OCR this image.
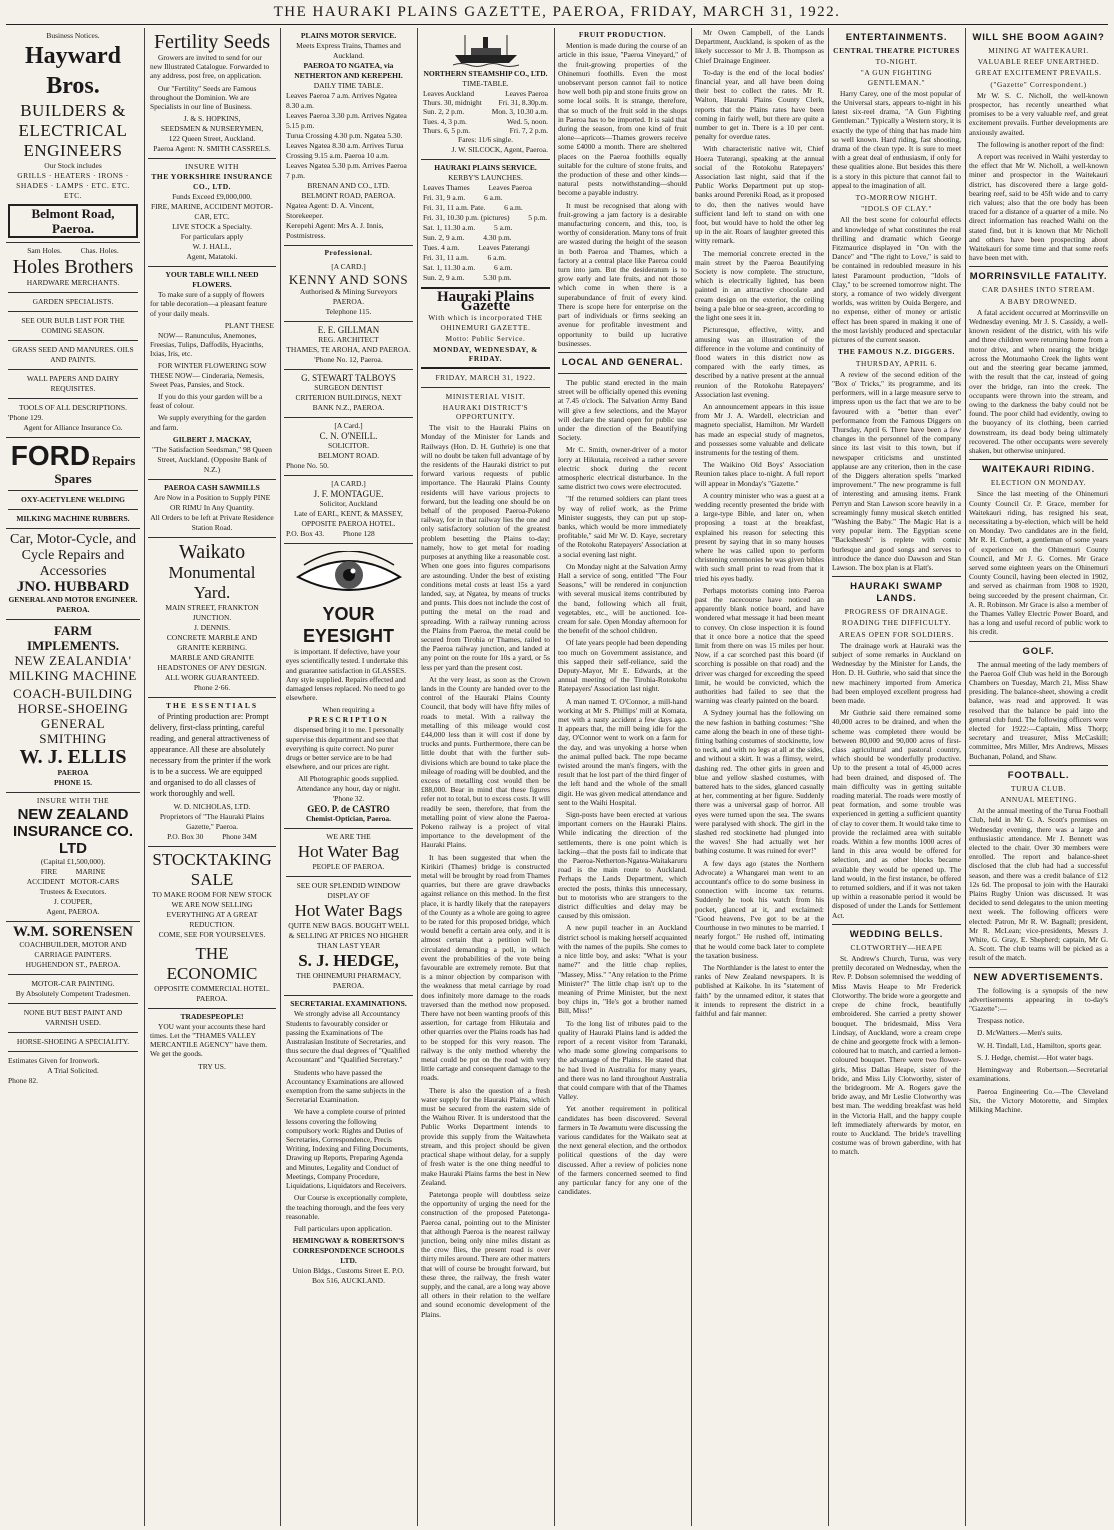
THE HAURAKI PLAINS GAZETTE, PAEROA, FRIDAY, MARCH 31, 1922.
Business Notices.
Hayward Bros.
BUILDERS &
ELECTRICAL
ENGINEERS
Our Stock includes
GRILLS · HEATERS · IRONS · SHADES · LAMPS · ETC. ETC. ETC.
Belmont Road, Paeroa.
Sam Holes.          Chas. Holes.
Holes Brothers
HARDWARE MERCHANTS.
GARDEN SPECIALISTS.
SEE OUR BULB LIST FOR THE COMING SEASON.
GRASS SEED AND MANURES. OILS AND PAINTS.
WALL PAPERS AND DAIRY REQUISITES.
TOOLS OF ALL DESCRIPTIONS.
'Phone 129.
Agent for Alliance Insurance Co.
FORD Repairs Spares
OXY-ACETYLENE WELDING
MILKING MACHINE RUBBERS.
Car, Motor-Cycle, and Cycle Repairs and Accessories
JNO. HUBBARD
GENERAL AND MOTOR ENGINEER.
PAEROA.
FARM IMPLEMENTS.
NEW ZEALANDIA' MILKING MACHINE
COACH-BUILDING HORSE-SHOEING GENERAL SMITHING
W. J. ELLIS
PAEROA
PHONE 15.
INSURE WITH THE
NEW ZEALAND INSURANCE CO. LTD
(Capital £1,500,000).
FIRE          MARINE
ACCIDENT   MOTOR-CARS
Trustees & Executors.
J. COUPER,
Agent, PAEROA.
W.M. SORENSEN
COACHBUILDER, MOTOR AND CARRIAGE PAINTERS.
HUGHENDON ST., PAEROA.
MOTOR-CAR PAINTING.
By Absolutely Competent Tradesmen.
NONE BUT BEST PAINT AND VARNISH USED.
HORSE-SHOEING A SPECIALITY.
Estimates Given for Ironwork.
A Trial Solicited.
Phone 82.
Fertility Seeds

Growers are invited to send for our new Illustrated Catalogue. Forwarded to any address, post free, on application.

Our "Fertility" Seeds are Famous throughout the Dominion. We are Specialists in our line of Business.

J. & S. HOPKINS,
SEEDSMEN & NURSERYMEN,
122 Queen Street, Auckland.
Paeroa Agent: N. SMITH CASSRELS.
INSURE WITH
THE YORKSHIRE INSURANCE CO., LTD.
Funds Exceed £9,000,000.
FIRE, MARINE, ACCIDENT MOTOR-CAR, ETC.
LIVE STOCK a Specialty.
For particulars apply
W. J. HALL,
Agent, Matatoki.
YOUR TABLE WILL NEED FLOWERS.

To make sure of a supply of flowers for table decoration—a pleasant feature of your daily meals.

PLANT THESE

NOW— Ranunculus, Anemones, Freesias, Tulips, Daffodils, Hyacinths, Ixias, Iris, etc.

FOR WINTER FLOWERING SOW THESE NOW— Cinderaria, Nemesis, Sweet Peas, Pansies, and Stock.

If you do this your garden will be a feast of colour.

We supply everything for the garden and farm.

GILBERT J. MACKAY,
"The Satisfaction Seedsman," 98 Queen Street, Auckland. (Opposite Bank of N.Z.)
PAEROA CASH SAWMILLS
Are Now in a Position to Supply PINE OR RIMU In Any Quantity.
All Orders to be left at Private Residence Station Road.
Waikato
Monumental Yard.
MAIN STREET, FRANKTON JUNCTION.
J. DENNIS.
CONCRETE MARBLE AND GRANITE KERBING.
MARBLE AND GRANITE HEADSTONES OF ANY DESIGN.
ALL WORK GUARANTEED.
Phone 2·66.
THE ESSENTIALS

of Printing production are: Prompt delivery, first-class printing, careful reading, and general attractiveness of appearance. All these are absolutely necessary from the printer if the work is to be a success. We are equipped and organised to do all classes of work thoroughly and well.

W. D. NICHOLAS, LTD.
Proprietors of "The Hauraki Plains Gazette," Paeroa.
P.O. Box 30          Phone 34M
STOCKTAKING
SALE
TO MAKE ROOM FOR NEW STOCK WE ARE NOW SELLING EVERYTHING AT A GREAT REDUCTION.
COME, SEE FOR YOURSELVES.
THE ECONOMIC
OPPOSITE COMMERCIAL HOTEL. PAEROA.
TRADESPEOPLE!

YOU want your accounts these hard times. Let the "THAMES VALLEY MERCANTILE AGENCY" have them. We get the goods.

TRY US.
PLAINS MOTOR SERVICE.
Meets Express Trains, Thames and Auckland.
PAEROA TO NGATEA, via NETHERTON AND KEREPEHI.
DAILY TIME TABLE.
Leaves Paeroa 7 a.m. Arrives Ngatea 8.30 a.m.
Leaves Paeroa 3.30 p.m. Arrives Ngatea 5.15 p.m.
Turua Crossing 4.30 p.m. Ngatea 5.30.
Leaves Ngatea 8.30 a.m. Arrives Turua Crossing 9.15 a.m. Paeroa 10 a.m.
Leaves Ngatea 5.30 p.m. Arrives Paeroa 7 p.m.
BRENAN AND CO., LTD.
BELMONT ROAD, PAEROA.
Ngatea Agent: D. A. Vincent, Storekeeper.
Kerepehi Agent: Mrs A. J. Innis, Postmistress.
Professional.
[A CARD.]
KENNY AND SONS
Authorised & Mining Surveyors PAEROA.
Telephone 115.
E. E. GILLMAN
REG. ARCHITECT
THAMES, TE AROHA, AND PAEROA.
'Phone No. 12, Paeroa.
G. STEWART TALBOYS
SURGEON DENTIST
CRITERION BUILDINGS, NEXT BANK N.Z., PAEROA.
[A Card.]
C. N. O'NEILL.
SOLICITOR.
BELMONT ROAD.
Phone No. 50.
[A CARD.]
J. F. MONTAGUE.
Solicitor, Auckland
Late of EARL, KENT, & MASSEY,
OPPOSITE PAEROA HOTEL.
P.O. Box 43.          Phone 128
YOUR EYESIGHT

is important. If defective, have your eyes scientifically tested. I undertake this and guarantee satisfaction in GLASSES. Any style supplied. Repairs effected and damaged lenses replaced. No need to go elsewhere.

When requiring a
PRESCRIPTION

dispensed bring it to me. I personally supervise this department and see that everything is quite correct. No purer drugs or better service are to be had elsewhere, and our prices are right.

All Photographic goods supplied.
Attendance any hour, day or night.
'Phone 32.
GEO. P. de CASTRO
Chemist-Optician, Paeroa.
WE ARE THE
Hot Water Bag
PEOPLE OF PAEROA.
SEE OUR SPLENDID WINDOW DISPLAY OF
Hot Water Bags
QUITE NEW BAGS. BOUGHT WELL & SELLING AT PRICES NO HIGHER THAN LAST YEAR
S. J. HEDGE,
THE OHINEMURI PHARMACY, PAEROA.
SECRETARIAL EXAMINATIONS.

We strongly advise all Accountancy Students to favourably consider or passing the Examinations of The Australasian Institute of Secretaries, and thus secure the dual degrees of "Qualified Accountant" and "Qualified Secretary."

Students who have passed the Accountancy Examinations are allowed exemption from the same subjects in the Secretarial Examination.

We have a complete course of printed lessons covering the following compulsory work: Rights and Duties of Secretaries, Correspondence, Precis Writing, Indexing and Filing Documents, Drawing up Reports, Preparing Agenda and Minutes, Legality and Conduct of Meetings, Company Procedure, Liquidations, Liquidators and Receivers.

Our Course is exceptionally complete, the teaching thorough, and the fees very reasonable.

Full particulars upon application.

HEMINGWAY & ROBERTSON'S CORRESPONDENCE SCHOOLS LTD.
Union Bldgs., Customs Street E. P.O. Box 516, AUCKLAND.
NORTHERN STEAMSHIP CO., LTD.
TIME-TABLE.
Leaves Auckland	Leaves Paeroa
Thurs. 30, midnight Fri. 31, 8.30p.m.
Sun. 2, 2 p.m.	Mon. 3, 10.30 a.m.
Tues. 4, 3 p.m.	Wed. 5, noon.
Thurs. 6, 5 p.m.	Fri. 7, 2 p.m.
Fares: 11/6 single.
J. W. SILCOCK, Agent, Paeroa.
HAURAKI PLAINS SERVICE.
KERBY'S LAUNCHES.
Leaves Thames          Leaves Paeroa
Fri. 31, 9 a.m.          6 a.m.
Fri. 31, 11 a.m. Pate.          6 a.m.
Fri. 31, 10.30 p.m. (pictures)          5 p.m.
Sat. 1, 11.30 a.m.          5 a.m.
Sun. 2, 9 a.m.          4.30 p.m.
Tues. 4 a.m.          Leaves Paterangi
Fri. 31, 11 a.m.          6 a.m.
Sat. 1, 11.30 a.m.          6 a.m.
Sun. 2, 9 a.m.          5.30 p.m.
Hauraki Plains Gazette
With which is incorporated THE OHINEMURI GAZETTE.
Motto: Public Service.
MONDAY, WEDNESDAY, & FRIDAY.
FRIDAY, MARCH 31, 1922.
MINISTERIAL VISIT.
HAURAKI DISTRICT'S OPPORTUNITY.

The visit to the Hauraki Plains on Monday of the Minister for Lands and Railways (Hon. D. H. Guthrie) is one that will no doubt be taken full advantage of by the residents of the Hauraki district to put forward various requests of public importance. The Hauraki Plains County residents will have various projects to forward, but the leading one should be on behalf of the proposed Paeroa-Pokeno railway, for in that railway lies the one and only satisfactory solution of the greatest problem besetting the Plains to-day; namely, how to get metal for roading purposes at anything like a reasonable cost. When one goes into figures comparisons are astounding. Under the best of existing conditions metal costs at least 15s a yard landed, say, at Ngatea, by means of trucks and punts. This does not include the cost of putting the metal on the road and spreading. With a railway running across the Plains from Paeroa, the metal could be secured from Tirohia or Thames, railed to the Paeroa railway junction, and landed at any point on the route for 10s a yard, or 5s less per yard than the present cost.

At the very least, as soon as the Crown lands in the County are handed over to the control of the Hauraki Plains County Council, that body will have fifty miles of roads to metal. With a railway the metalling of this mileage would cost £44,000 less than it will cost if done by trucks and punts. Furthermore, there can be little doubt that with the further sub-divisions which are bound to take place the mileage of roading will be doubled, and the excess of metalling cost would then be £88,000. Bear in mind that these figures refer not to total, but to excess costs. It will readily be seen, therefore, that from the metalling point of view alone the Paeroa-Pokeno railway is a project of vital importance to the development of the Hauraki Plains.

It has been suggested that when the Kirikiri (Thames) bridge is constructed metal will be brought by road from Thames quarries, but there are grave drawbacks against reliance on this method. In the first place, it is hardly likely that the ratepayers of the County as a whole are going to agree to be rated for this proposed bridge, which would benefit a certain area only, and it is almost certain that a petition will be circulated demanding a poll, in which event the probabilities of the vote being favourable are extremely remote. But that is a minor objection by comparison with the weakness that metal carriage by road does infinitely more damage to the roads traversed than the method now proposed. There have not been wanting proofs of this assertion, for cartage from Hikutaia and other quarries over the Plains roads has had to be stopped for this very reason. The railway is the only method whereby the metal could be put on the road with very little cartage and consequent damage to the roads.

There is also the question of a fresh water supply for the Hauraki Plains, which must be secured from the eastern side of the Waihou River. It is understood that the Public Works Department intends to provide this supply from the Waitawheta stream, and this project should be given practical shape without delay, for a supply of fresh water is the one thing needful to make Hauraki Plains farms the best in New Zealand.

Patetonga people will doubtless seize the opportunity of urging the need for the construction of the proposed Patetonga-Paeroa canal, pointing out to the Minister that although Paeroa is the nearest railway junction, being only nine miles distant as the crow flies, the present road is over thirty miles around. There are other matters that will of course be brought forward, but these three, the railway, the fresh water supply, and the canal, are a long way above all others in their relation to the welfare and sound economic development of the Plains.

FRUIT PRODUCTION.

Mention is made during the course of an article in this issue, "Paeroa Vineyard," of the fruit-growing properties of the Ohinemuri foothills. Even the most unobservant person cannot fail to notice how well both pip and stone fruits grow on some local soils. It is strange, therefore, that so much of the fruit sold in the shops in Paeroa has to be imported. It is said that during the season, from one kind of fruit alone—apricots—Thames growers receive some £4000 a month. There are sheltered places on the Paeroa foothills equally suitable for the culture of stone fruits, and the production of these and other kinds—natural pests notwithstanding—should become a payable industry.

It must be recognised that along with fruit-growing a jam factory is a desirable manufacturing concern, and this, too, is worthy of consideration. Many tons of fruit are wasted during the height of the season in both Paeroa and Thames, which a factory at a central place like Paeroa could turn into jam. But the desideratum is to grow early and late fruits, and not those which come in when there is a superabundance of fruit of every kind. There is scope here for enterprise on the part of individuals or firms seeking an avenue for profitable investment and opportunity to build up lucrative businesses.

LOCAL AND GENERAL.

The public stand erected in the main street will be officially opened this evening at 7.45 o'clock. The Salvation Army Band will give a few selections, and the Mayor will declare the stand open for public use under the direction of the Beautifying Society.

Mr C. Smith, owner-driver of a motor lorry at Hikutaia, received a rather severe electric shock during the recent atmospheric electrical disturbance. In the same district two cows were electrocuted.

"If the returned soldiers can plant trees by way of relief work, as the Prime Minister suggests, they can put up stop-banks, which would be more immediately profitable," said Mr W. D. Kaye, secretary of the Rotokohu Ratepayers' Association at a social evening last night.

On Monday night at the Salvation Army Hall a service of song, entitled "The Four Seasons," will be rendered in conjunction with several musical items contributed by the band, following which all fruit, vegetables, etc., will be auctioned. Ice-cream for sale. Open Monday afternoon for the benefit of the school children.

Of late years people had been depending too much on Government assistance, and this sapped their self-reliance, said the Deputy-Mayor, Mr E. Edwards, at the annual meeting of the Tirohia-Rotokohu Ratepayers' Association last night.

A man named T. O'Connor, a mill-hand working at Mr S. Phillips' mill at Komata, met with a nasty accident a few days ago. It appears that, the mill being idle for the day, O'Connor went to work on a farm for the day, and was unyoking a horse when the animal pulled back. The rope became twisted around the man's fingers, with the result that he lost part of the third finger of the left hand and the whole of the small digit. He was given medical attendance and sent to the Waihi Hospital.

Sign-posts have been erected at various important corners on the Hauraki Plains. While indicating the direction of the settlements, there is one point which is lacking—that the posts fail to indicate that the Paeroa-Netherton-Ngatea-Waitakaruru road is the main route to Auckland. Perhaps the Lands Department, which erected the posts, thinks this unnecessary, but to motorists who are strangers to the district difficulties and delay may be caused by this omission.

A new pupil teacher in an Auckland district school is making herself acquainted with the names of the pupils. She comes to a nice little boy, and asks: "What is your name?" and the little chap replies, "Massey, Miss." "Any relation to the Prime Minister?" The little chap isn't up to the meaning of Prime Minister, but the next boy chips in, "He's got a brother named Bill, Miss!"

To the long list of tributes paid to the quality of Hauraki Plains land is added the report of a recent visitor from Taranaki, who made some glowing comparisons to the advantage of the Plains. He stated that he had lived in Australia for many years, and there was no land throughout Australia that could compare with that of the Thames Valley.

Yet another requirement in political candidates has been discovered. Several farmers in Te Awamutu were discussing the various candidates for the Waikato seat at the next general election, and the orthodox political questions of the day were discussed. After a review of policies none of the farmers concerned seemed to find any particular fancy for any one of the candidates.

Mr Owen Campbell, of the Lands Department, Auckland, is spoken of as the likely successor to Mr J. B. Thompson as Chief Drainage Engineer.

To-day is the end of the local bodies' financial year, and all have been doing their best to collect the rates. Mr R. Walton, Hauraki Plains County Clerk, reports that the Plains rates have been coming in fairly well, but there are quite a number to get in. There is a 10 per cent. penalty for overdue rates.

With characteristic native wit, Chief Hoera Tuterangi, speaking at the annual social of the Rotokohu Ratepayers' Association last night, said that if the Public Works Department put up stop-banks around Pereniki Road, as it proposed to do, then the natives would have sufficient land left to stand on with one foot, but would have to hold the other leg up in the air. Roars of laughter greeted this witty remark.

The memorial concrete erected in the main street by the Paeroa Beautifying Society is now complete. The structure, which is electrically lighted, has been painted in an attractive chocolate and cream design on the exterior, the ceiling being a pale blue or sea-green, according to the light one sees it in.

Picturesque, effective, witty, and amusing was an illustration of the difference in the volume and continuity of flood waters in this district now as compared with the early times, as described by a native present at the annual reunion of the Rotokohu Ratepayers' Association last evening.

An announcement appears in this issue from Mr J. A. Wardell, electrician and magneto specialist, Hamilton. Mr Wardell has made an especial study of magnetos, and possesses some valuable and delicate instruments for the testing of them.

The Waikino Old Boys' Association Reunion takes place to-night. A full report will appear in Monday's "Gazette."

A country minister who was a guest at a wedding recently presented the bride with a large-type Bible, and later on, when proposing a toast at the breakfast, explained his reason for selecting this present by saying that in so many houses where he was called upon to perform christening ceremonies he was given bibles with such small print to read from that it tried his eyes badly.

Perhaps motorists coming into Paeroa past the racecourse have noticed an apparently blank notice board, and have wondered what message it had been meant to convey. On close inspection it is found that it once bore a notice that the speed limit from there on was 15 miles per hour. Now, if a car scorched past this board (if scorching is possible on that road) and the driver was charged for exceeding the speed limit, he would be convicted, which the authorities had failed to see that the warning was clearly painted on the board.

A Sydney journal has the following on the new fashion in bathing costumes: "She came along the beach in one of these tight-fitting bathing costumes of stockinette, low to neck, and with no legs at all at the sides, and without a skirt. It was a flimsy, weird, dashing red. The other girls in green and blue and yellow slashed costumes, with battered hats to the sides, glanced casually at her, commenting at her figure. Suddenly there was a universal gasp of horror. All eyes were turned upon the sea. The swans were paralysed with shock. The girl in the slashed red stockinette had plunged into the waves! She had actually wet her bathing costume. It was ruined for ever!"

A few days ago (states the Northern Advocate) a Whangarei man went to an accountant's office to do some business in connection with income tax returns. Suddenly he took his watch from his pocket, glanced at it, and exclaimed: "Good heavens, I've got to be at the Courthouse in two minutes to be married. I nearly forgot." He rushed off, intimating that he would come back later to complete the taxation business.

The Northlander is the latest to enter the ranks of New Zealand newspapers. It is published at Kaikohe. In its "statement of faith" by the unnamed editor, it states that it intends to represent the district in a faithful and fair manner.

ENTERTAINMENTS.
CENTRAL THEATRE PICTURES
TO-NIGHT.
"A GUN FIGHTING GENTLEMAN."

Harry Carey, one of the most popular of the Universal stars, appears to-night in his latest six-reel drama, "A Gun Fighting Gentleman." Typically a Western story, it is exactly the type of thing that has made him so well known. Hard riding, fast shooting, drama of the clean type. It is sure to meet with a great deal of enthusiasm, if only for these qualities alone. But besides this there is a story in this picture that cannot fail to appeal to the imagination of all.

TO-MORROW NIGHT.
"IDOLS OF CLAY."

All the best scene for colourful effects and knowledge of what constitutes the real thrilling and dramatic which George Fitzmaurice displayed in "On with the Dance" and "The right to Love," is said to be contained in redoubled measure in his latest Paramount production, "Idols of Clay," to be screened tomorrow night. The story, a romance of two widely divergent worlds, was written by Ouida Bergere, and no expense, either of money or artistic effect has been spared in making it one of the most lavishly produced and spectacular pictures of the current season.

THE FAMOUS N.Z. DIGGERS.
THURSDAY, APRIL 6.

A review of the second edition of the "Box o' Tricks," its programme, and its performers, will in a large measure serve to impress upon us the fact that we are to be favoured with a "better than ever" performance from the Famous Diggers on Thursday, April 6. There have been a few changes in the personnel of the company since its last visit to this town, but if newspaper criticisms and unstinted applause are any criterion, then in the case of the Diggers alteration spells "marked improvement." The new programme is full of interesting and amusing items. Frank Perryn and Stan Lawson score heavily in a screamingly funny musical sketch entitled "Washing the Baby." The Magic Hat is a very popular item. The Egyptian scene "Backsheesh" is replete with comic burlesque and good songs and serves to introduce the dance duo Dawson and Stan Lawson. The box plan is at Flatt's.

HAURAKI SWAMP LANDS.
PROGRESS OF DRAINAGE.
ROADING THE DIFFICULTY.
AREAS OPEN FOR SOLDIERS.

The drainage work at Hauraki was the subject of some remarks in Auckland on Wednesday by the Minister for Lands, the Hon. D. H. Guthrie, who said that since the new machinery imported from America had been employed excellent progress had been made.

Mr Guthrie said there remained some 40,000 acres to be drained, and when the scheme was completed there would be between 80,000 and 90,000 acres of first-class agricultural and pastoral country, which should be wonderfully productive. Up to the present a total of 45,000 acres had been drained, and disposed of. The main difficulty was in getting suitable roading material. The roads were mostly of peat formation, and some trouble was experienced in getting a sufficient quantity of clay to cover them. It would take time to provide the reclaimed area with suitable roads. Within a few months 1000 acres of land in this area would be offered for selection, and as other blocks became available they would be opened up. The land would, in the first instance, be offered to returned soldiers, and if it was not taken up within a reasonable period it would be disposed of under the Lands for Settlement Act.

WEDDING BELLS.
CLOTWORTHY—HEAPE

St. Andrew's Church, Turua, was very prettily decorated on Wednesday, when the Rev. P. Dobson solemnised the wedding of Miss Mavis Heape to Mr Frederick Clotworthy. The bride wore a georgette and crepe de chine frock, beautifully embroidered. She carried a pretty shower bouquet. The bridesmaid, Miss Vera Lindsay, of Auckland, wore a cream crepe de chine and georgette frock with a lemon-coloured hat to match, and carried a lemon-coloured bouquet. There were two flower-girls, Miss Dallas Heape, sister of the bride, and Miss Lily Clotworthy, sister of the bridegroom. Mr A. Rogers gave the bride away, and Mr Leslie Clotworthy was best man. The wedding breakfast was held in the Victoria Hall, and the happy couple left immediately afterwards by motor, en route to Auckland. The bride's travelling costume was of brown gaberdine, with hat to match.

WILL SHE BOOM AGAIN?
MINING AT WAITEKAURI.
VALUABLE REEF UNEARTHED.
GREAT EXCITEMENT PREVAILS.
("Gazette" Correspondent.)

Mr W. S. C. Nicholl, the well-known prospector, has recently unearthed what promises to be a very valuable reef, and great excitement prevails. Further developments are anxiously awaited.

The following is another report of the find:

A report was received in Waihi yesterday to the effect that Mr W. Nicholl, a well-known miner and prospector in the Waitekauri district, has discovered there a large gold-bearing reef, said to be 45ft wide and to carry rich values; also that the ore body has been traced for a distance of a quarter of a mile. No direct information has reached Waihi on the stated find, but it is known that Mr Nicholl and others have been prospecting about Waitekauri for some time and that some reefs have been met with.

MORRINSVILLE FATALITY.
CAR DASHES INTO STREAM.
A BABY DROWNED.

A fatal accident occurred at Morrinsville on Wednesday evening. Mr J. S. Cassidy, a well-known resident of the district, with his wife and three children were returning home from a motor drive, and when nearing the bridge across the Motumaoho Creek the lights went out and the steering gear became jammed, with the result that the car, instead of going over the bridge, ran into the creek. The occupants were thrown into the stream, and owing to the darkness the baby could not be found. The poor child had evidently, owing to the buoyancy of its clothing, been carried downstream, its dead body being ultimately recovered. The other occupants were severely shaken, but otherwise uninjured.

WAITEKAURI RIDING.
ELECTION ON MONDAY.

Since the last meeting of the Ohinemuri County Council Cr. P. Grace, member for Waitekauri riding, has resigned his seat, necessitating a by-election, which will be held on Monday. Two candidates are in the field, Mr R. H. Corbett, a gentleman of some years of experience on the Ohinemuri County Council, and Mr J. G. Cornes. Mr Grace served some eighteen years on the Ohinemuri County Council, having been elected in 1902, and served as chairman from 1908 to 1920, being succeeded by the present chairman, Cr. A. R. Robinson. Mr Grace is also a member of the Thames Valley Electric Power Board, and has a long and useful record of public work to his credit.

GOLF.

The annual meeting of the lady members of the Paeroa Golf Club was held in the Borough Chambers on Tuesday, March 21, Miss Shaw presiding. The balance-sheet, showing a credit balance, was read and approved. It was resolved that the balance be paid into the general club fund. The following officers were elected for 1922:—Captain, Miss Thorp; secretary and treasurer, Miss McCaskill; committee, Mrs Miller, Mrs Andrews, Misses Buchanan, Poland, and Shaw.

FOOTBALL.
TURUA CLUB.
ANNUAL MEETING.

At the annual meeting of the Turua Football Club, held in Mr G. A. Scott's premises on Wednesday evening, there was a large and enthusiastic attendance. Mr J. Bennett was elected to the chair. Over 30 members were enrolled. The report and balance-sheet disclosed that the club had had a successful season, and there was a credit balance of £12 12s 6d. The proposal to join with the Hauraki Plains Rugby Union was discussed. It was decided to send delegates to the union meeting next week. The following officers were elected: Patron, Mr R. W. Bagnall; president, Mr R. McLean; vice-presidents, Messrs J. White, G. Gray, E. Shepherd; captain, Mr G. A. Scott. The club teams will be picked as a result of the match.

NEW ADVERTISEMENTS.

The following is a synopsis of the new advertisements appearing in to-day's "Gazette":—

Trespass notice.

D. McWatters.—Men's suits.

W. H. Tindall, Ltd., Hamilton, sports gear.

S. J. Hedge, chemist.—Hot water bags.

Hemingway and Robertson.—Secretarial examinations.

Paeroa Engineering Co.—The Cleveland Six, the Victory Motorette, and Simplex Milking Machine.
